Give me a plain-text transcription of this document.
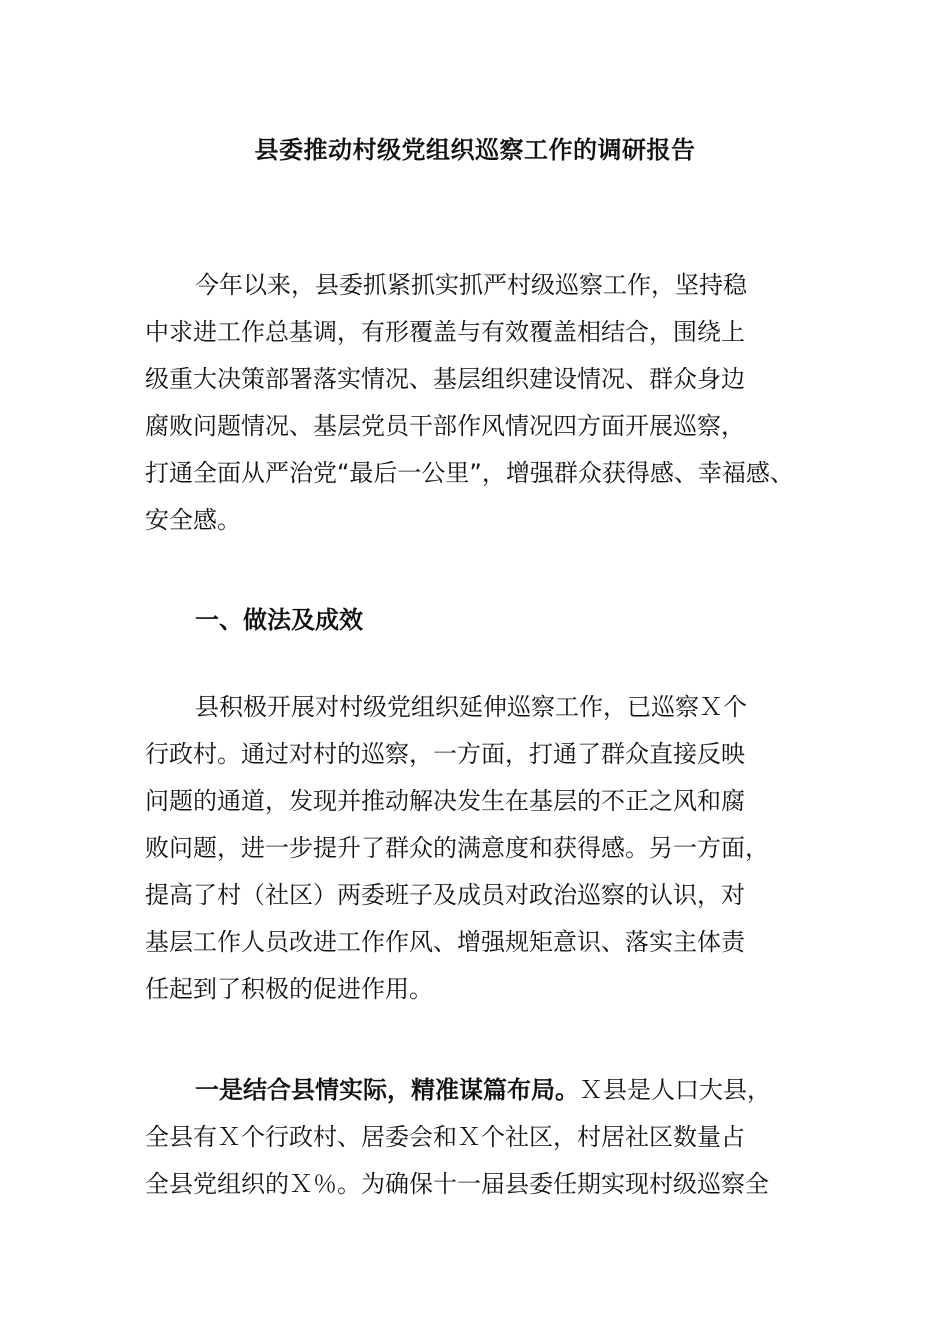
县委推动村级党组织巡察工作的调研报告
今年以来，县委抓紧抓实抓严村级巡察工作，坚持稳
中求进工作总基调，有形覆盖与有效覆盖相结合，围绕上
级重大决策部署落实情况、基层组织建设情况、群众身边
腐败问题情况、基层党员干部作风情况四方面开展巡察，
打通全面从严治党“最后一公里”，增强群众获得感、幸福感、
安全感。
一、做法及成效
县积极开展对村级党组织延伸巡察工作，已巡察Ｘ个
行政村。通过对村的巡察，一方面，打通了群众直接反映
问题的通道，发现并推动解决发生在基层的不正之风和腐
败问题，进一步提升了群众的满意度和获得感。另一方面，
提高了村（社区）两委班子及成员对政治巡察的认识，对
基层工作人员改进工作作风、增强规矩意识、落实主体责
任起到了积极的促进作用。
一是结合县情实际，精准谋篇布局。Ｘ县是人口大县，
全县有Ｘ个行政村、居委会和Ｘ个社区，村居社区数量占
全县党组织的Ｘ％。为确保十一届县委任期实现村级巡察全
